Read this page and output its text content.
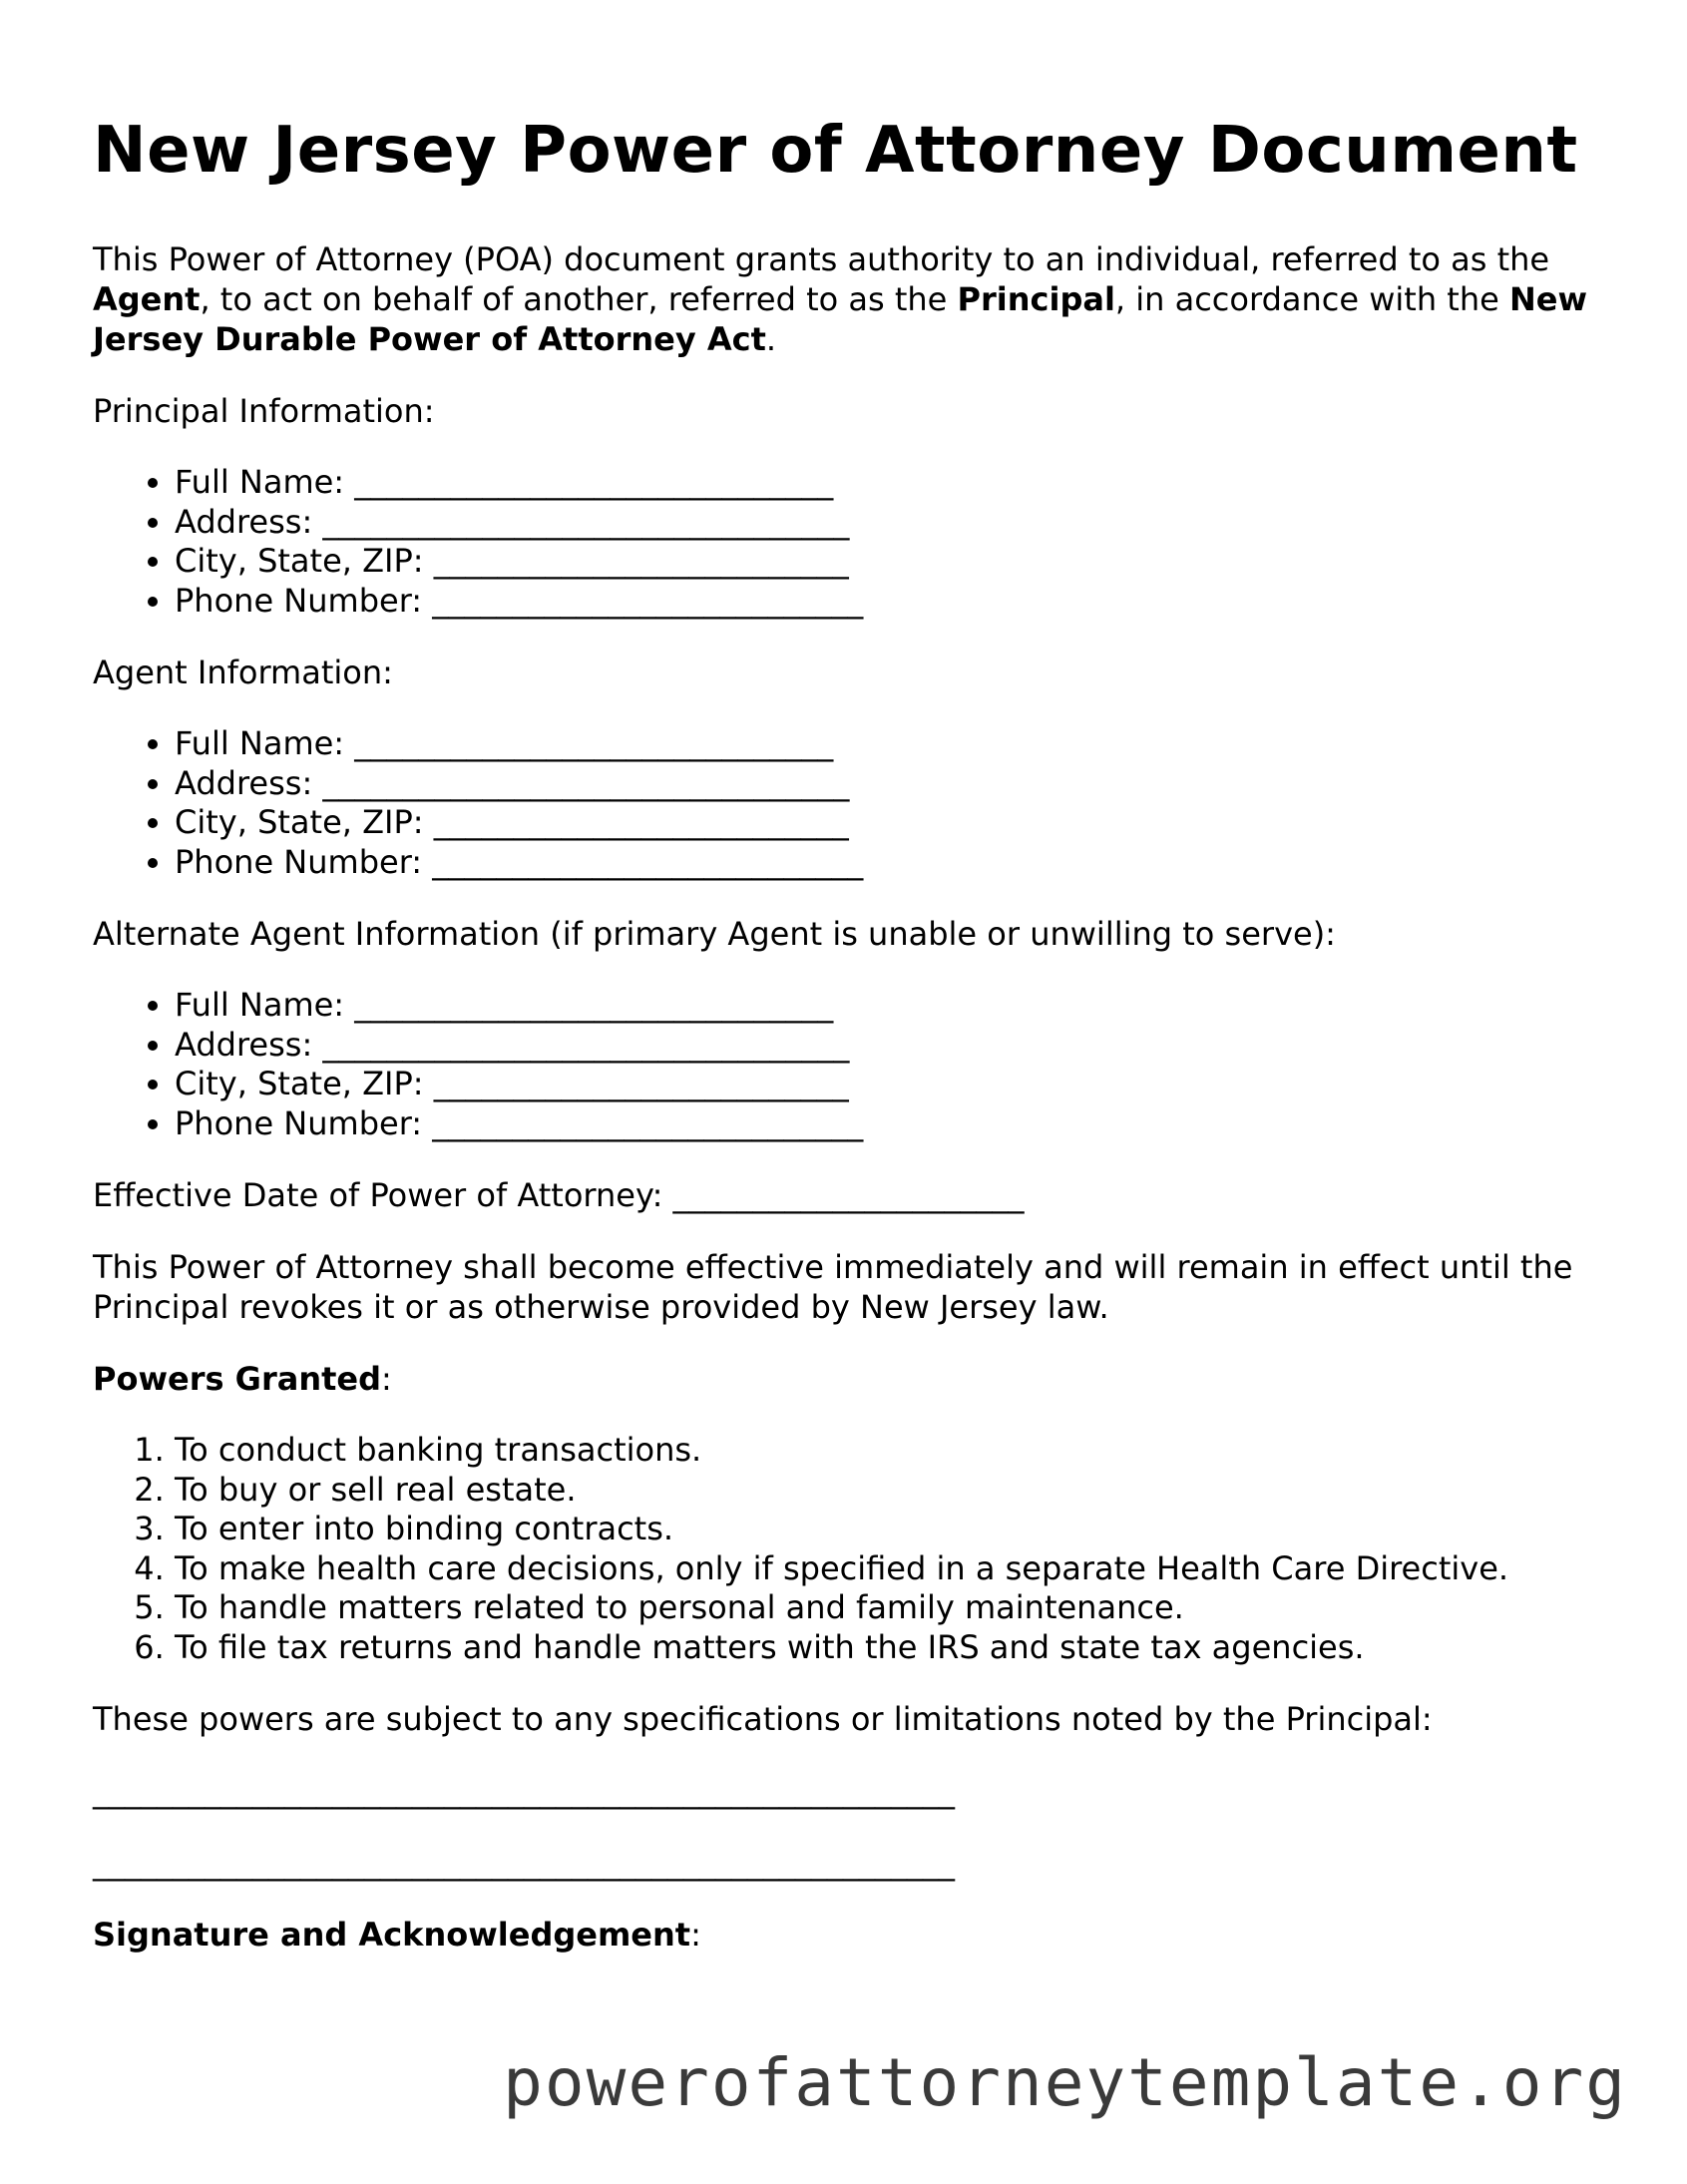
New Jersey Power of Attorney Document

This Power of Attorney (POA) document grants authority to an individual, referred to as the Agent, to act on behalf of another, referred to as the Principal, in accordance with the New Jersey Durable Power of Attorney Act.

Principal Information:

• Full Name: ______________________________
• Address: _________________________________
• City, State, ZIP: __________________________
• Phone Number: ___________________________

Agent Information:

• Full Name: ______________________________
• Address: _________________________________
• City, State, ZIP: __________________________
• Phone Number: ___________________________

Alternate Agent Information (if primary Agent is unable or unwilling to serve):

• Full Name: ______________________________
• Address: _________________________________
• City, State, ZIP: __________________________
• Phone Number: ___________________________

Effective Date of Power of Attorney: ______________________

This Power of Attorney shall become effective immediately and will remain in effect until the Principal revokes it or as otherwise provided by New Jersey law.

Powers Granted:

1. To conduct banking transactions.
2. To buy or sell real estate.
3. To enter into binding contracts.
4. To make health care decisions, only if specified in a separate Health Care Directive.
5. To handle matters related to personal and family maintenance.
6. To file tax returns and handle matters with the IRS and state tax agencies.

These powers are subject to any specifications or limitations noted by the Principal:

______________________________________________________

______________________________________________________

Signature and Acknowledgement:

powerofattorneytemplate.org
